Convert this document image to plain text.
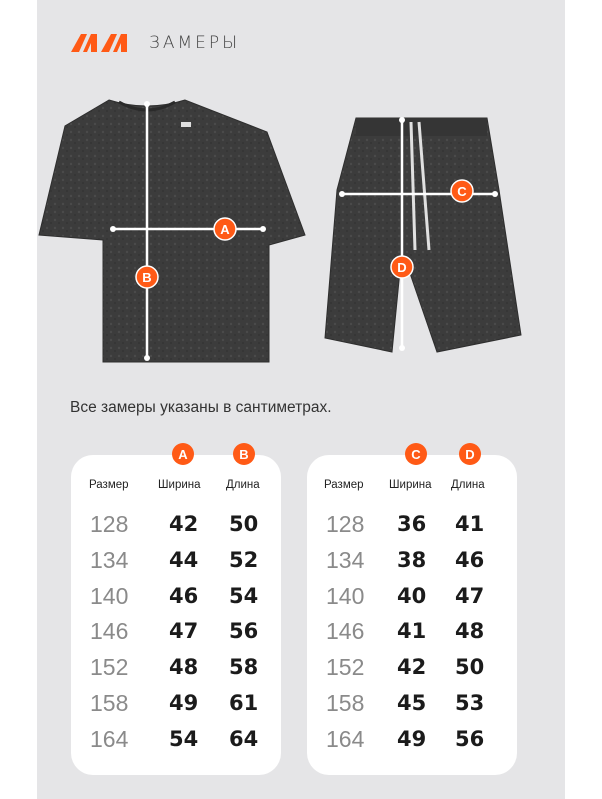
ЗАМЕРЫ
A
B
C
D
Все замеры указаны в сантиметрах.
A	B
Размер	Ширина Длина
128 42 50
134 44 52
140 46 54
146 47 56
152 48 58
158 49 61
164 54 64
C	D
Размер Ширина Длина
128 36 41
134 38 46
140 40 47
146 41 48
152 42 50
158 45 53
164 49 56
